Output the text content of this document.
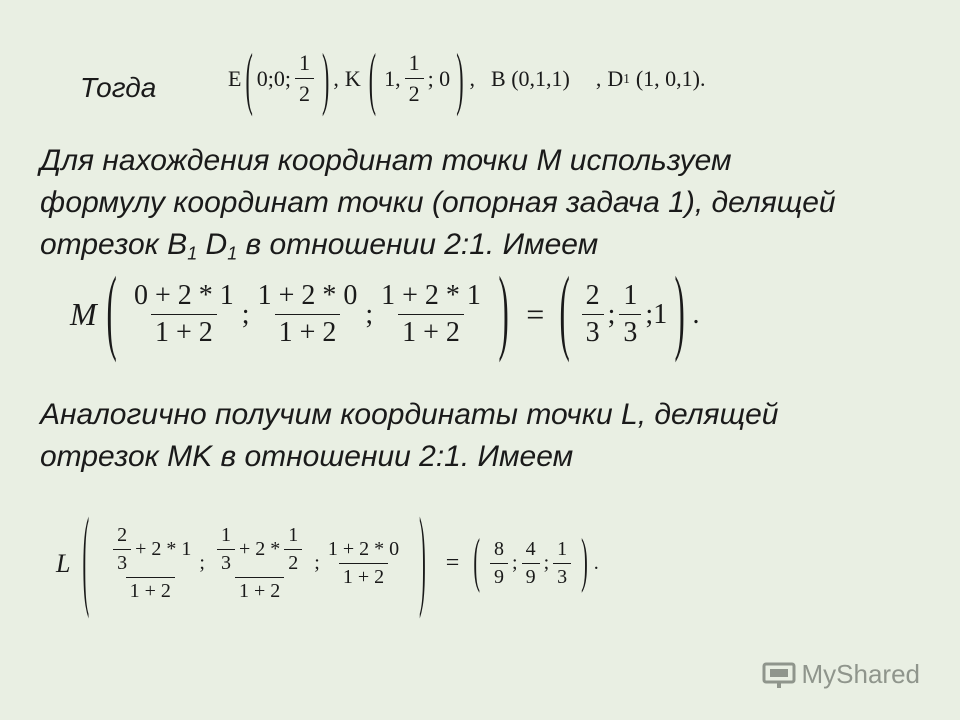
Тогда	E ( 0;0; $\frac{1}{2}$ ) , K ( 1, $\frac{1}{2}$ ; 0 ) , B (0,1,1) , D 1 (1, 0,1).
Для нахождения координат точки М используем
формулу координат точки (опорная задача 1), делящей
отрезок $B_1$ $D_1$ в отношении 2:1. Имеем
M ( $\frac{0 + 2 * 1}{1 + 2}$ ; $\frac{1 + 2 * 0}{1 + 2}$ ; $\frac{1 + 2 * 1}{1 + 2}$ ) = ( $\frac{2}{3}$ ; $\frac{1}{3}$ ;1 ) .
Аналогично получим координаты точки L, делящей
отрезок MK в отношении 2:1. Имеем
L ( $\frac{\frac{2}{3} + 2 * 1}{1 + 2}$ ; $\frac{\frac{1}{3} + 2 * \frac{1}{2}}{1 + 2}$ ; $\frac{1 + 2 * 0}{1 + 2}$ ) = ( $\frac{8}{9}$ ; $\frac{4}{9}$ ; $\frac{1}{3}$ ) .
MyShared
